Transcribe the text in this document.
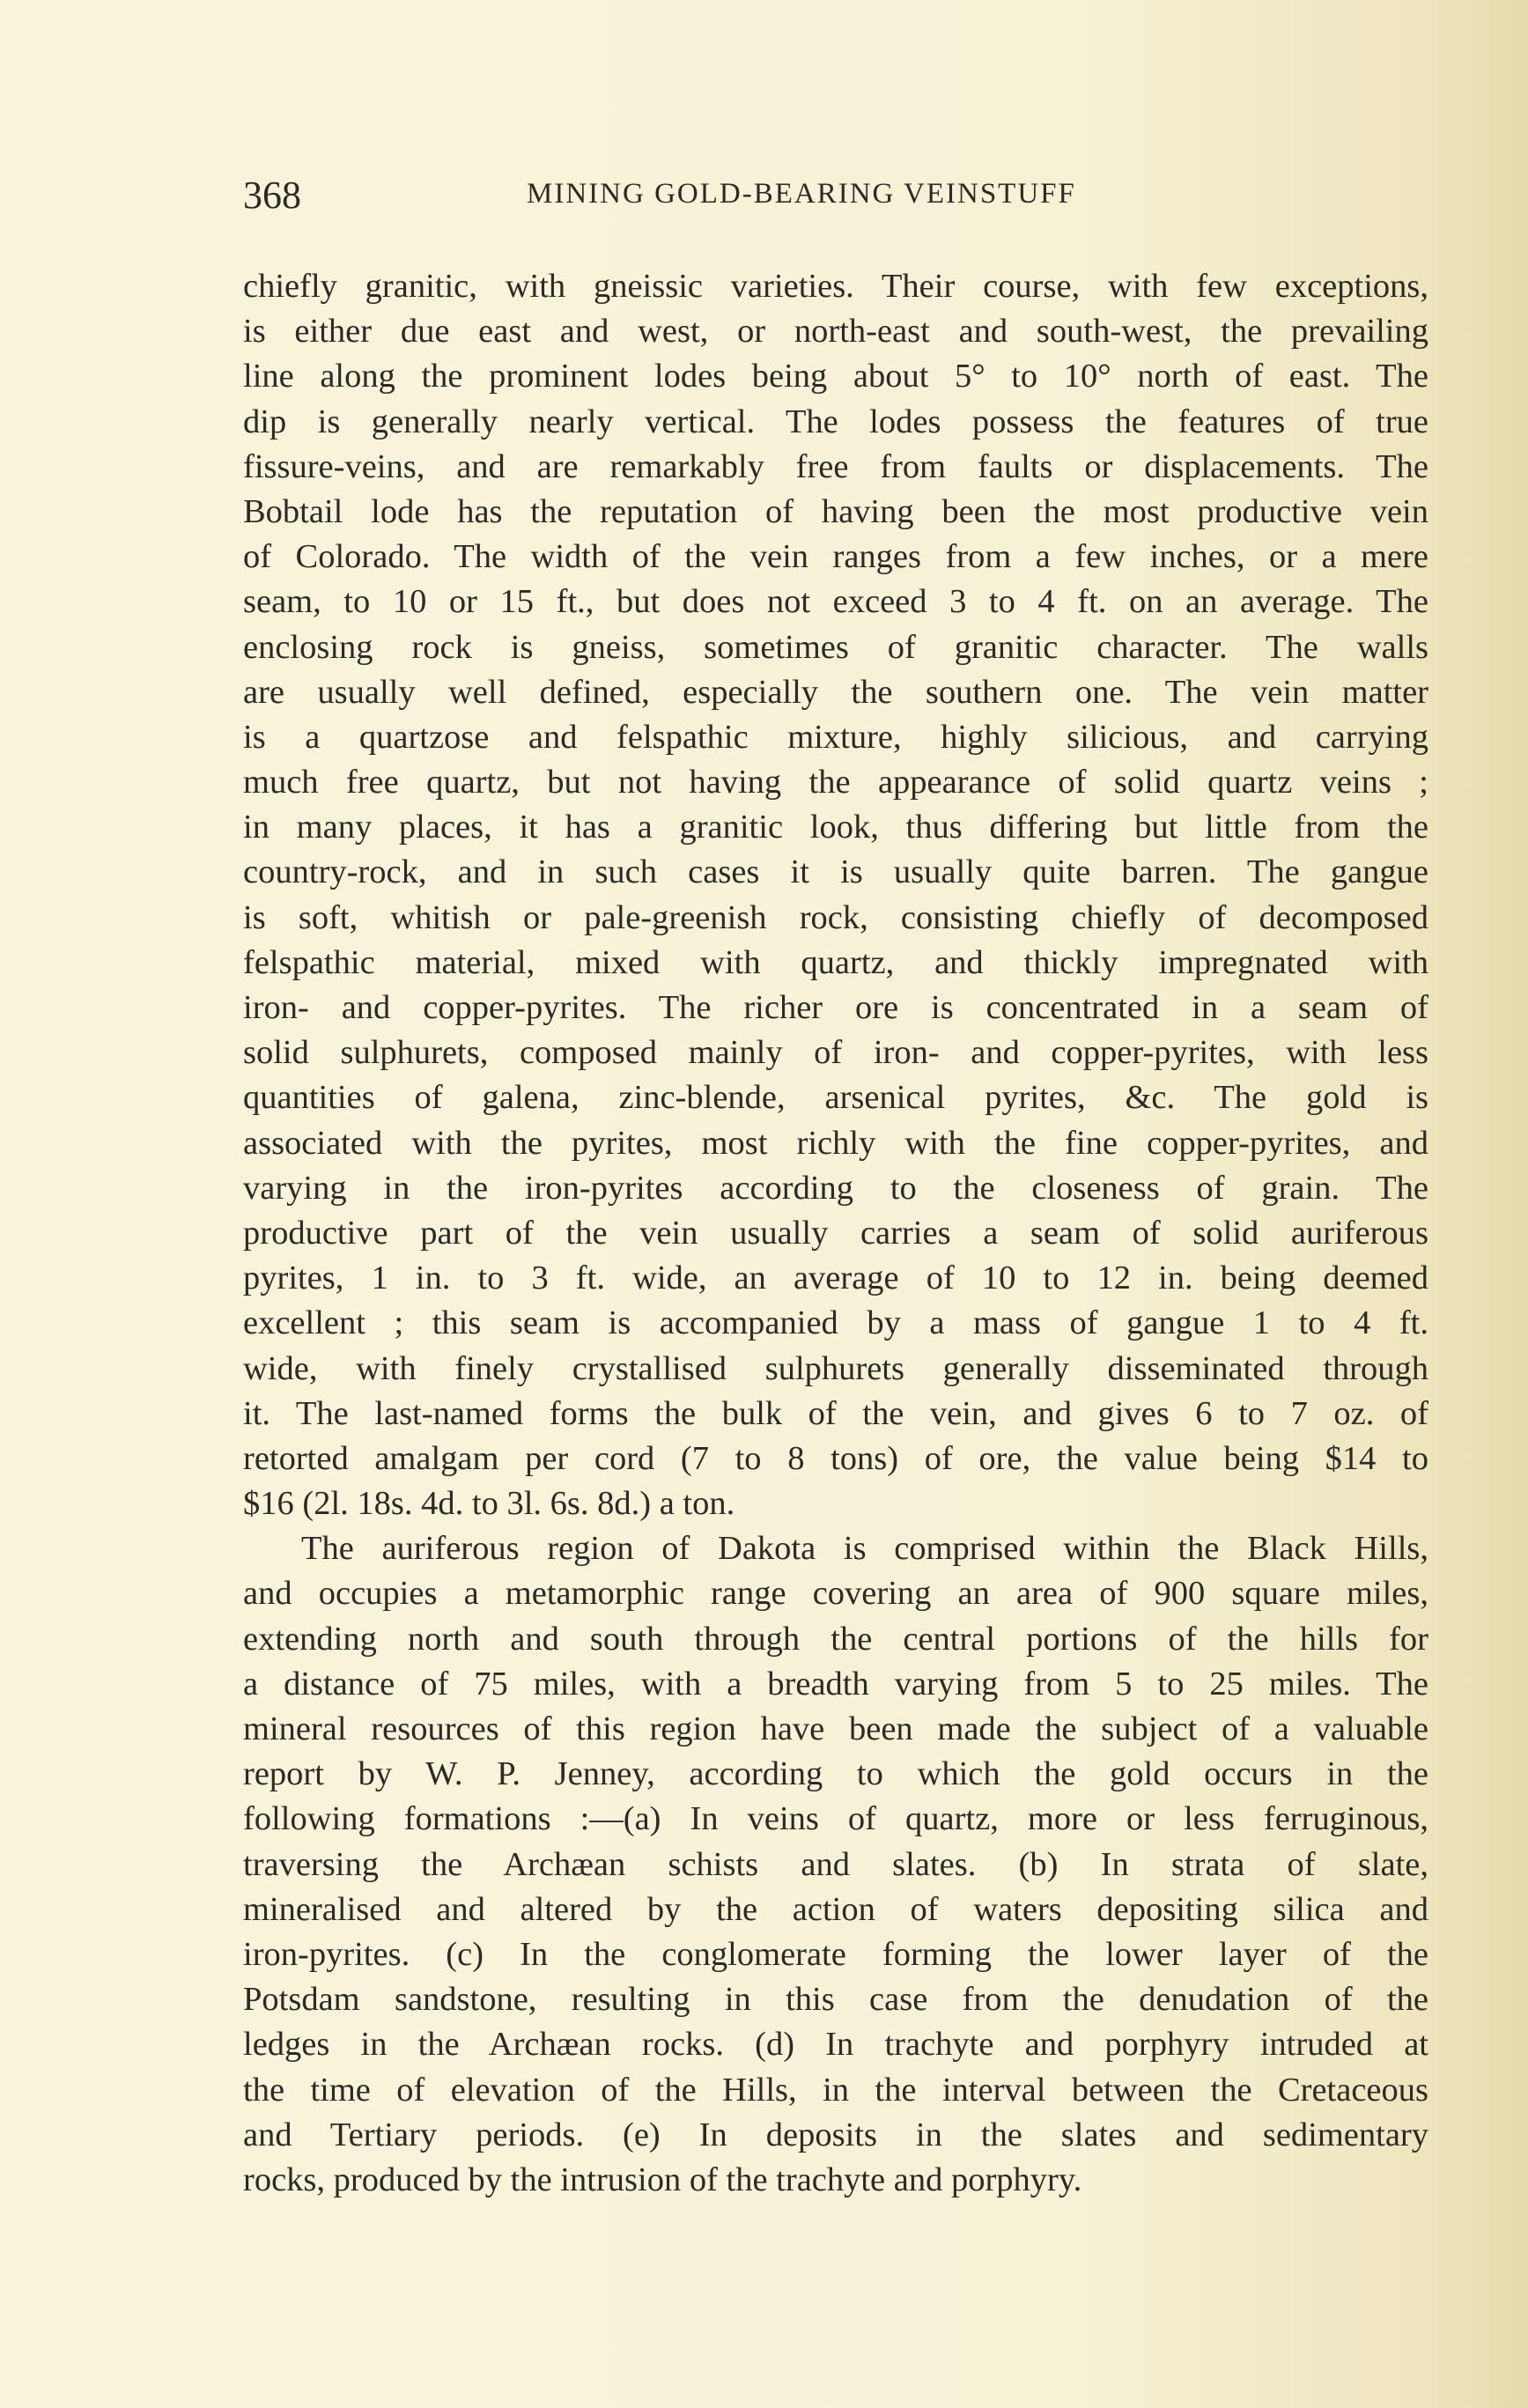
368	MINING GOLD-BEARING VEINSTUFF
chiefly granitic, with gneissic varieties. Their course, with few exceptions,
is either due east and west, or north-east and south-west, the prevailing
line along the prominent lodes being about 5° to 10° north of east. The
dip is generally nearly vertical. The lodes possess the features of true
fissure-veins, and are remarkably free from faults or displacements. The
Bobtail lode has the reputation of having been the most productive vein
of Colorado. The width of the vein ranges from a few inches, or a mere
seam, to 10 or 15 ft., but does not exceed 3 to 4 ft. on an average. The
enclosing rock is gneiss, sometimes of granitic character. The walls
are usually well defined, especially the southern one. The vein matter
is a quartzose and felspathic mixture, highly silicious, and carrying
much free quartz, but not having the appearance of solid quartz veins ;
in many places, it has a granitic look, thus differing but little from the
country-rock, and in such cases it is usually quite barren. The gangue
is soft, whitish or pale-greenish rock, consisting chiefly of decomposed
felspathic material, mixed with quartz, and thickly impregnated with
iron- and copper-pyrites. The richer ore is concentrated in a seam of
solid sulphurets, composed mainly of iron- and copper-pyrites, with less
quantities of galena, zinc-blende, arsenical pyrites, &c. The gold is
associated with the pyrites, most richly with the fine copper-pyrites, and
varying in the iron-pyrites according to the closeness of grain. The
productive part of the vein usually carries a seam of solid auriferous
pyrites, 1 in. to 3 ft. wide, an average of 10 to 12 in. being deemed
excellent ; this seam is accompanied by a mass of gangue 1 to 4 ft.
wide, with finely crystallised sulphurets generally disseminated through
it. The last-named forms the bulk of the vein, and gives 6 to 7 oz. of
retorted amalgam per cord (7 to 8 tons) of ore, the value being $14 to
$16 (2l. 18s. 4d. to 3l. 6s. 8d.) a ton.
The auriferous region of Dakota is comprised within the Black Hills,
and occupies a metamorphic range covering an area of 900 square miles,
extending north and south through the central portions of the hills for
a distance of 75 miles, with a breadth varying from 5 to 25 miles. The
mineral resources of this region have been made the subject of a valuable
report by W. P. Jenney, according to which the gold occurs in the
following formations :—(a) In veins of quartz, more or less ferruginous,
traversing the Archæan schists and slates. (b) In strata of slate,
mineralised and altered by the action of waters depositing silica and
iron-pyrites. (c) In the conglomerate forming the lower layer of the
Potsdam sandstone, resulting in this case from the denudation of the
ledges in the Archæan rocks. (d) In trachyte and porphyry intruded at
the time of elevation of the Hills, in the interval between the Cretaceous
and Tertiary periods. (e) In deposits in the slates and sedimentary
rocks, produced by the intrusion of the trachyte and porphyry.
